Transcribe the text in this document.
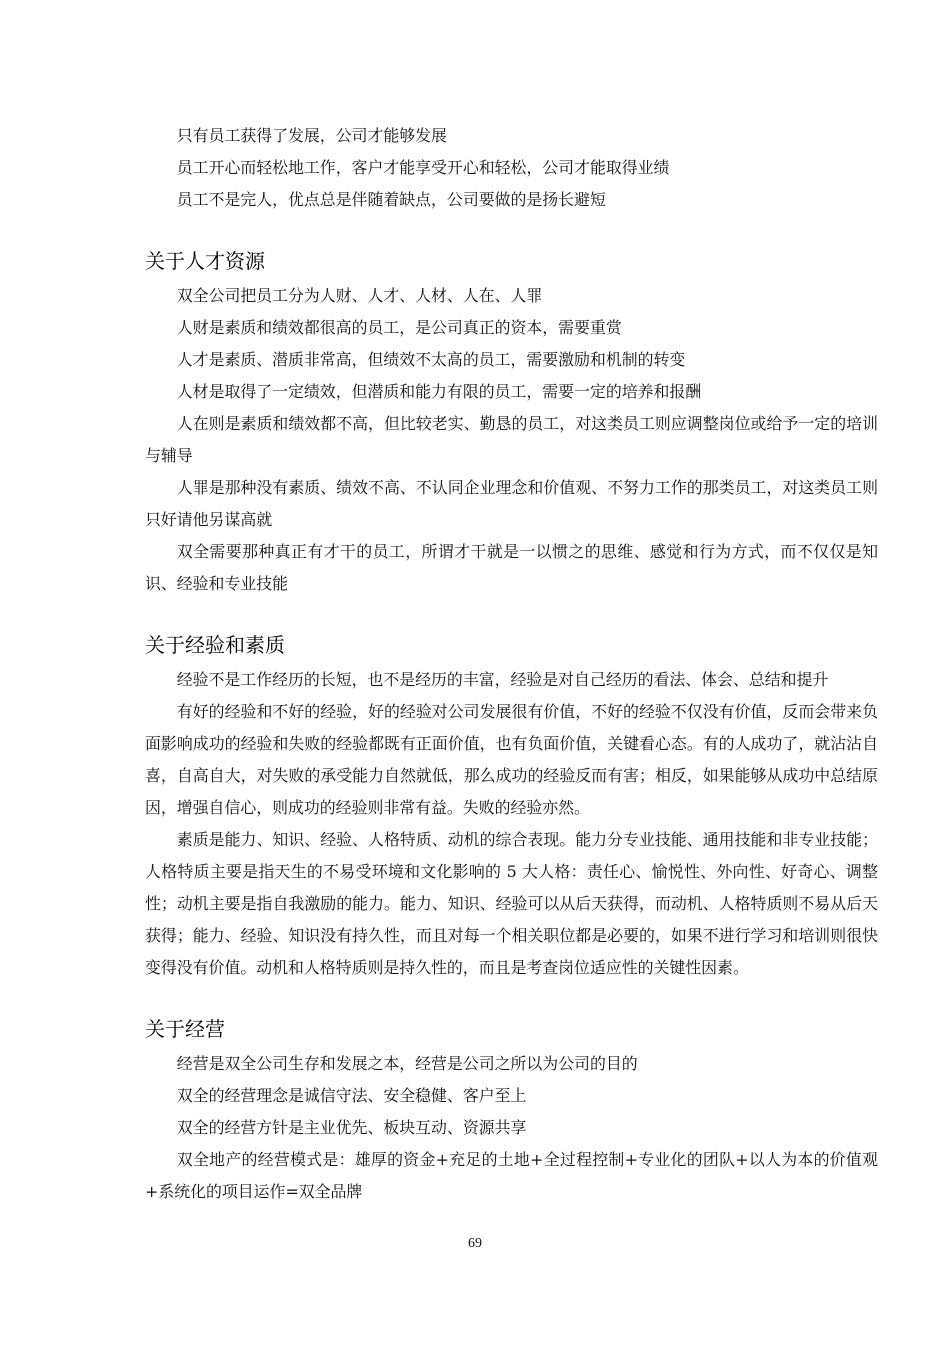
只有员工获得了发展，公司才能够发展

员工开心而轻松地工作，客户才能享受开心和轻松，公司才能取得业绩

员工不是完人，优点总是伴随着缺点，公司要做的是扬长避短

关于人才资源

双全公司把员工分为人财、人才、人材、人在、人罪

人财是素质和绩效都很高的员工，是公司真正的资本，需要重赏

人才是素质、潜质非常高，但绩效不太高的员工，需要激励和机制的转变

人材是取得了一定绩效，但潜质和能力有限的员工，需要一定的培养和报酬

人在则是素质和绩效都不高，但比较老实、勤恳的员工，对这类员工则应调整岗位或给予一定的培训与辅导

人罪是那种没有素质、绩效不高、不认同企业理念和价值观、不努力工作的那类员工，对这类员工则只好请他另谋高就

双全需要那种真正有才干的员工，所谓才干就是一以惯之的思维、感觉和行为方式，而不仅仅是知识、经验和专业技能

关于经验和素质

经验不是工作经历的长短，也不是经历的丰富，经验是对自己经历的看法、体会、总结和提升

有好的经验和不好的经验，好的经验对公司发展很有价值，不好的经验不仅没有价值，反而会带来负面影响成功的经验和失败的经验都既有正面价值，也有负面价值，关键看心态。有的人成功了，就沾沾自喜，自高自大，对失败的承受能力自然就低，那么成功的经验反而有害；相反，如果能够从成功中总结原因，增强自信心，则成功的经验则非常有益。失败的经验亦然。

素质是能力、知识、经验、人格特质、动机的综合表现。能力分专业技能、通用技能和非专业技能；人格特质主要是指天生的不易受环境和文化影响的 5 大人格：责任心、愉悦性、外向性、好奇心、调整性；动机主要是指自我激励的能力。能力、知识、经验可以从后天获得，而动机、人格特质则不易从后天获得；能力、经验、知识没有持久性，而且对每一个相关职位都是必要的，如果不进行学习和培训则很快变得没有价值。动机和人格特质则是持久性的，而且是考查岗位适应性的关键性因素。

关于经营

经营是双全公司生存和发展之本，经营是公司之所以为公司的目的

双全的经营理念是诚信守法、安全稳健、客户至上

双全的经营方针是主业优先、板块互动、资源共享

双全地产的经营模式是：雄厚的资金+充足的土地+全过程控制+专业化的团队+以人为本的价值观+系统化的项目运作=双全品牌

69
